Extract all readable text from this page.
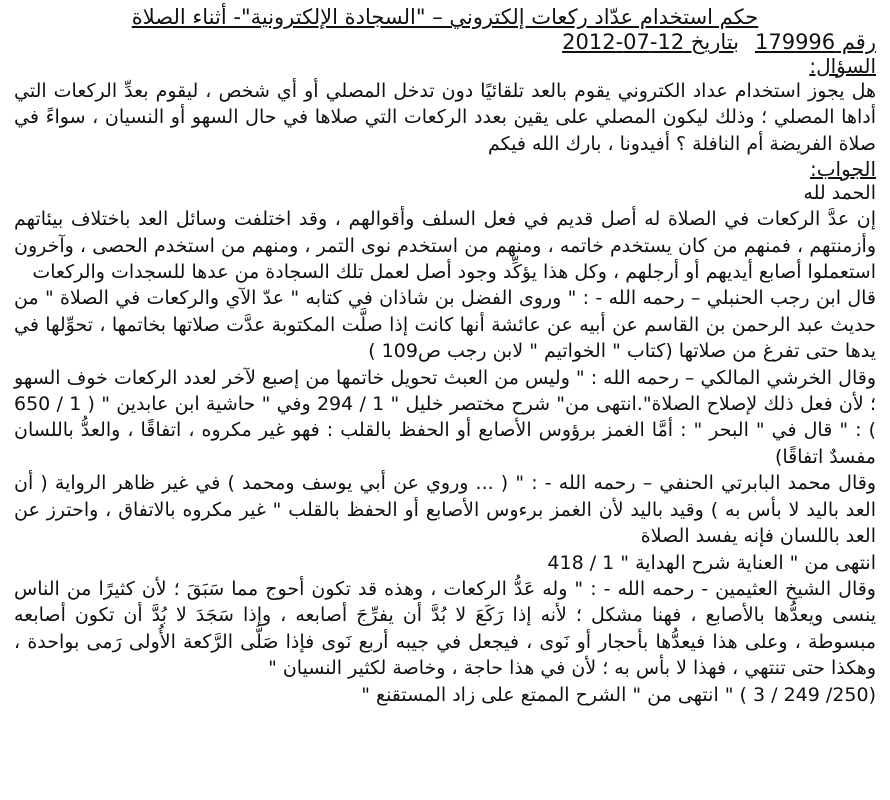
حكم استخدام عدّاد ركعات إلكتروني – "السجادة الإلكترونية"- أثناء الصلاة
رقم 179996
بتاريخ 12-07-2012
السؤال:

هل يجوز استخدام عداد الكتروني يقوم بالعد تلقائيًا دون تدخل المصلي أو أي شخص ، ليقوم بعدِّ الركعات التي أداها المصلي ؛ وذلك ليكون المصلي على يقين بعدد الركعات التي صلاها في حال السهو أو النسيان ، سواءً في صلاة الفريضة أم النافلة ؟ أفيدونا ، بارك الله فيكم

الجواب:
الحمد لله

إن عدَّ الركعات في الصلاة له أصل قديم في فعل السلف وأقوالهم ، وقد اختلفت وسائل العد باختلاف بيئاتهم وأزمنتهم ، فمنهم من كان يستخدم خاتمه ، ومنهم من استخدم نوى التمر ، ومنهم من استخدم الحصى ، وآخرون استعملوا أصابع أيديهم أو أرجلهم ، وكل هذا يؤكِّد وجود أصل لعمل تلك السجادة من عدها للسجدات والركعات

قال ابن رجب الحنبلي – رحمه الله - : " وروى الفضل بن شاذان في كتابه " عدّ الآي والركعات في الصلاة " من حديث عبد الرحمن بن القاسم عن أبيه عن عائشة أنها كانت إذا صلَّت المكتوبة عدَّت صلاتها بخاتمها ، تحوِّلها في يدها حتى تفرغ من صلاتها (كتاب " الخواتيم " لابن رجب ص109 )

وقال الخرشي المالكي – رحمه الله : " وليس من العبث تحويل خاتمها من إصبع لآخر لعدد الركعات خوف السهو ؛ لأن فعل ذلك لإصلاح الصلاة".انتهى من" شرح مختصر خليل " 1 / 294 وفي " حاشية ابن عابدين " ( 1 / 650 ) : " قال في " البحر " : أمَّا الغمز برؤوس الأصابع أو الحفظ بالقلب : فهو غير مكروه ، اتفاقًا ، والعدُّ باللسان مفسدٌ اتفاقًا)

وقال محمد البابرتي الحنفي – رحمه الله - : " ( ... وروي عن أبي يوسف ومحمد ) في غير ظاهر الرواية ( أن العد باليد لا بأس به ) وقيد باليد لأن الغمز برءوس الأصابع أو الحفظ بالقلب " غير مكروه بالاتفاق ، واحترز عن العد باللسان فإنه يفسد الصلاة

انتهى من " العناية شرح الهداية " 1 / 418

وقال الشيخ العثيمين - رحمه الله - : " وله عَدُّ الركعات ، وهذه قد تكون أحوج مما سَبَقَ ؛ لأن كثيرًا من الناس ينسى ويعدُّها بالأصابع ، فهنا مشكل ؛ لأنه إذا رَكَعَ لا بُدَّ أن يفرِّجَ أصابعه ، وإذا سَجَدَ لا بُدَّ أن تكون أصابعه مبسوطة ، وعلى هذا فيعدُّها بأحجار أو نَوى ، فيجعل في جيبه أربع نَوى فإذا صَلَّى الرَّكعة الأُولى رَمى بواحدة ، وهكذا حتى تنتهي ، فهذا لا بأس به ؛ لأن في هذا حاجة ، وخاصة لكثير النسيان "

(250/ 249 / 3 ) " انتهى من " الشرح الممتع على زاد المستقنع "
